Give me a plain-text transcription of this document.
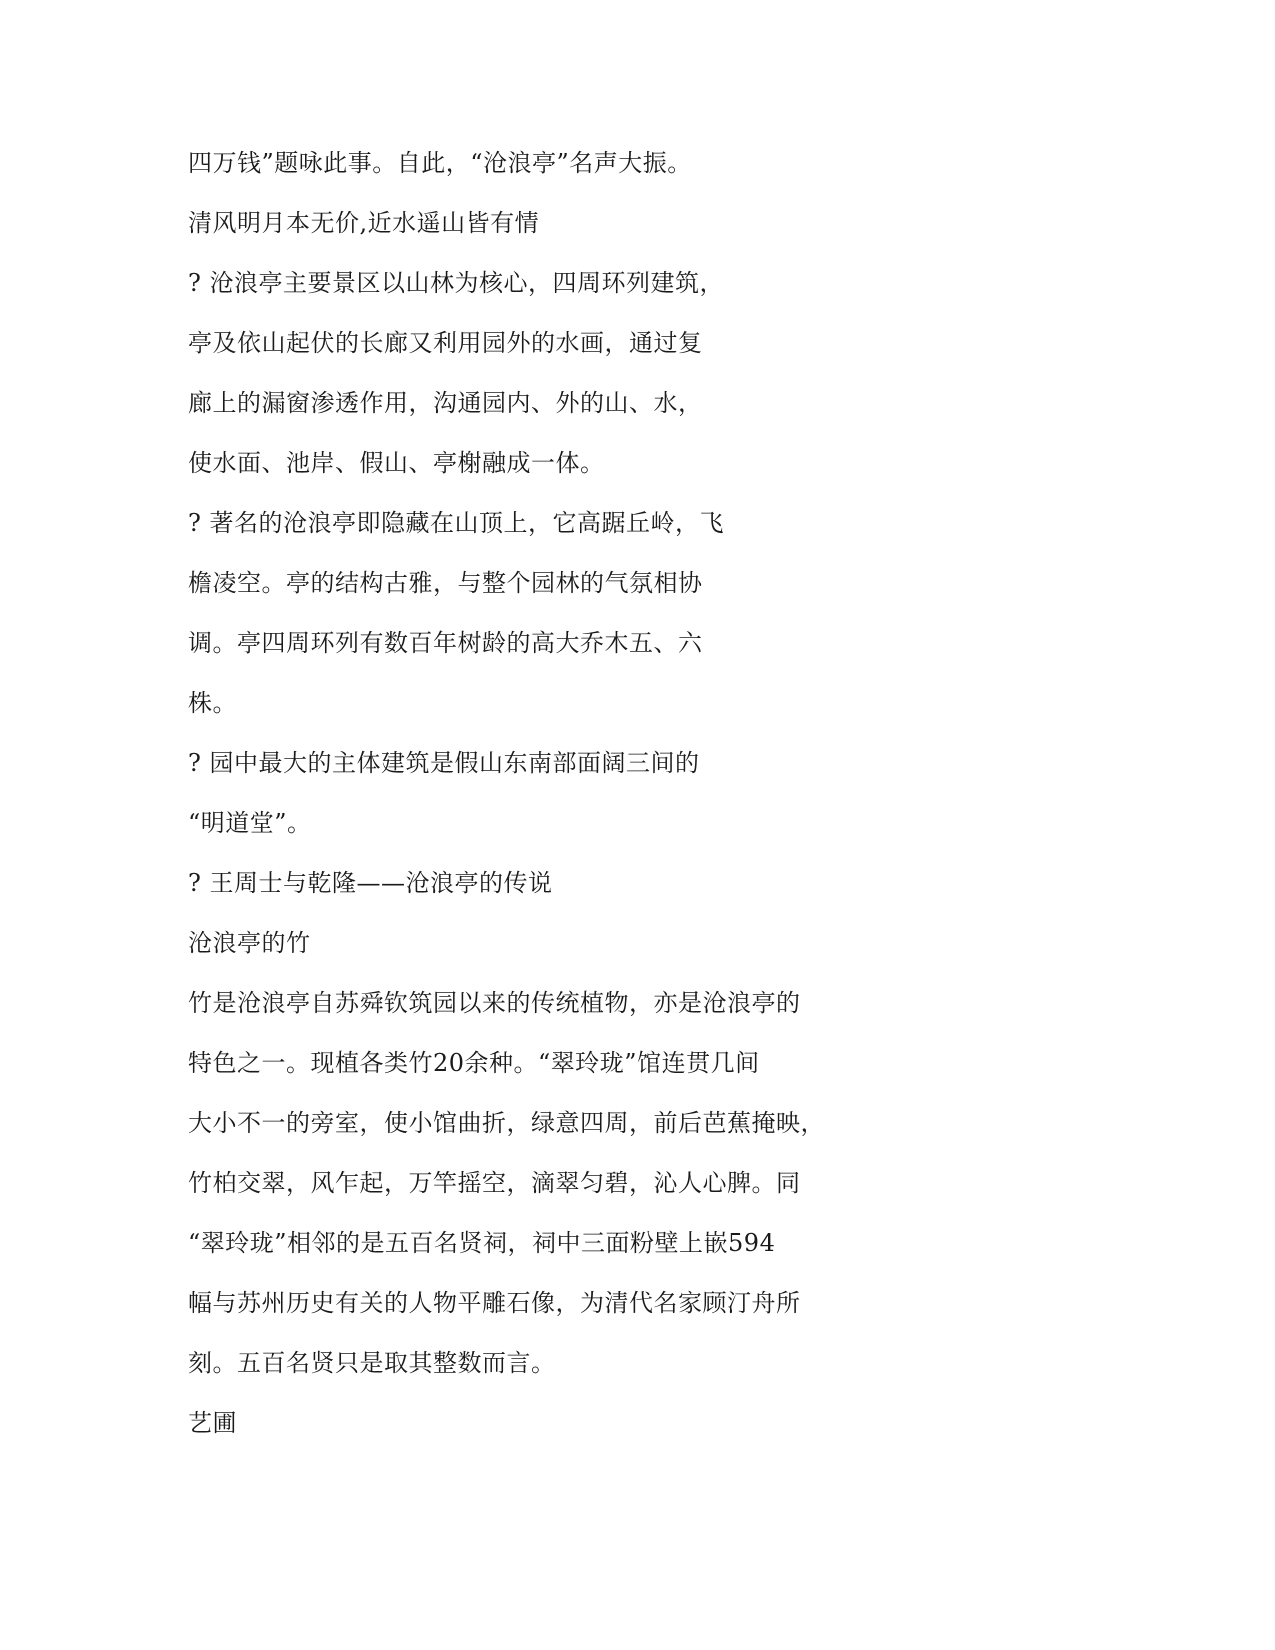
四万钱”题咏此事。自此，“沧浪亭”名声大振。
清风明月本无价,近水遥山皆有情
? 沧浪亭主要景区以山林为核心，四周环列建筑，
亭及依山起伏的长廊又利用园外的水画，通过复
廊上的漏窗渗透作用，沟通园内、外的山、水，
使水面、池岸、假山、亭榭融成一体。
? 著名的沧浪亭即隐藏在山顶上，它高踞丘岭，飞
檐凌空。亭的结构古雅，与整个园林的气氛相协
调。亭四周环列有数百年树龄的高大乔木五、六
株。
? 园中最大的主体建筑是假山东南部面阔三间的
“明道堂”。
? 王周士与乾隆——沧浪亭的传说
沧浪亭的竹
竹是沧浪亭自苏舜钦筑园以来的传统植物，亦是沧浪亭的
特色之一。现植各类竹20余种。“翠玲珑”馆连贯几间
大小不一的旁室，使小馆曲折，绿意四周，前后芭蕉掩映，
竹柏交翠，风乍起，万竿摇空，滴翠匀碧，沁人心脾。同
“翠玲珑”相邻的是五百名贤祠，祠中三面粉壁上嵌594
幅与苏州历史有关的人物平雕石像，为清代名家顾汀舟所
刻。五百名贤只是取其整数而言。
艺圃
